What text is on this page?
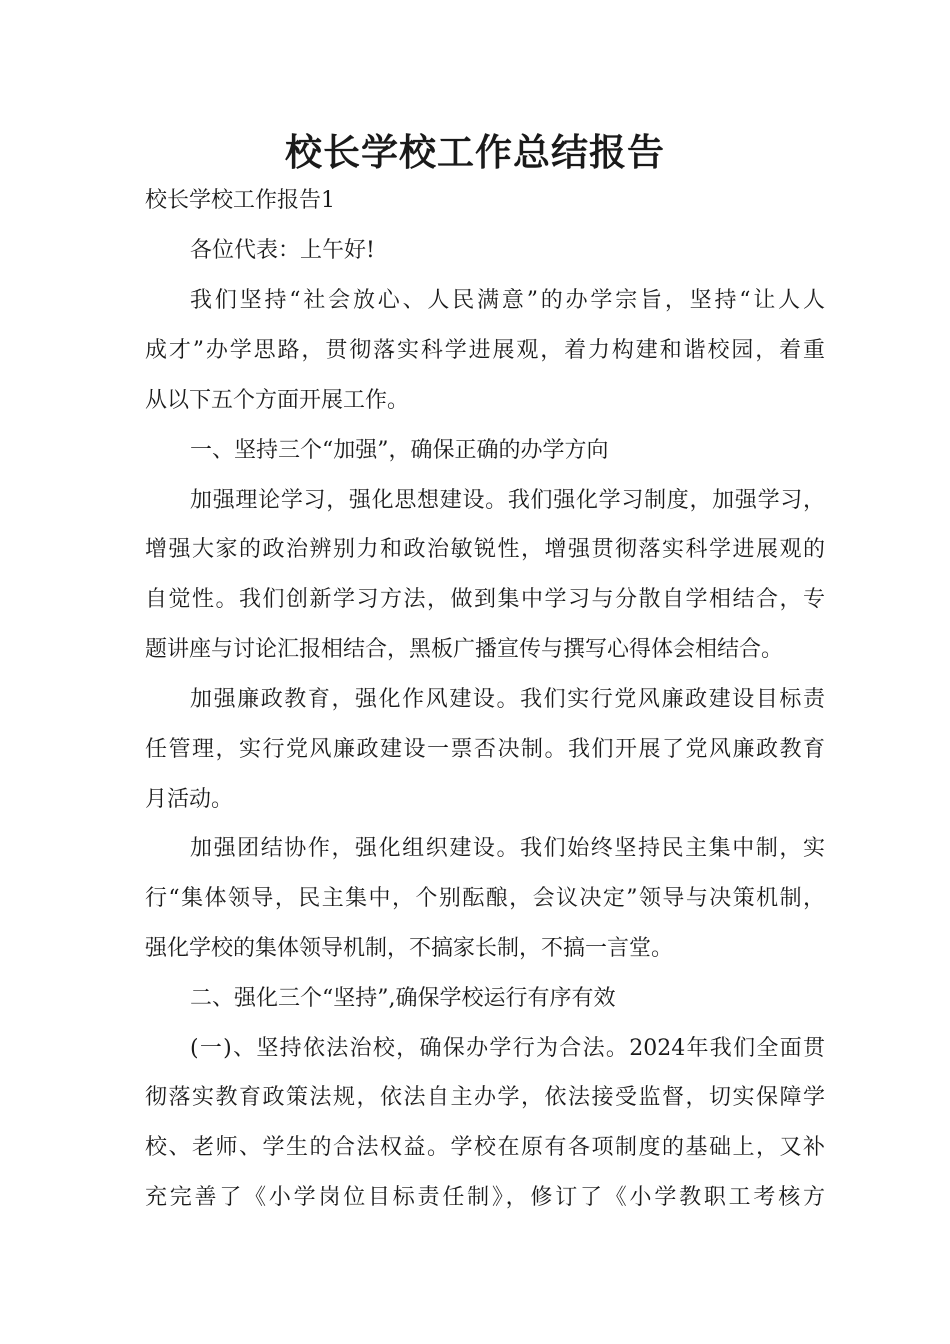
校长学校工作总结报告

校长学校工作报告1

各位代表：上午好!

我们坚持“社会放心、人民满意”的办学宗旨，坚持“让人人

成才”办学思路，贯彻落实科学进展观，着力构建和谐校园，着重

从以下五个方面开展工作。

一、坚持三个“加强”，确保正确的办学方向

加强理论学习，强化思想建设。我们强化学习制度，加强学习，

增强大家的政治辨别力和政治敏锐性，增强贯彻落实科学进展观的

自觉性。我们创新学习方法，做到集中学习与分散自学相结合，专

题讲座与讨论汇报相结合，黑板广播宣传与撰写心得体会相结合。

加强廉政教育，强化作风建设。我们实行党风廉政建设目标责

任管理，实行党风廉政建设一票否决制。我们开展了党风廉政教育

月活动。

加强团结协作，强化组织建设。我们始终坚持民主集中制，实

行“集体领导，民主集中，个别酝酿，会议决定”领导与决策机制，

强化学校的集体领导机制，不搞家长制，不搞一言堂。

二、强化三个“坚持”,确保学校运行有序有效

(一)、坚持依法治校，确保办学行为合法。2024年我们全面贯

彻落实教育政策法规，依法自主办学，依法接受监督，切实保障学

校、老师、学生的合法权益。学校在原有各项制度的基础上，又补

充完善了《小学岗位目标责任制》，修订了《小学教职工考核方
